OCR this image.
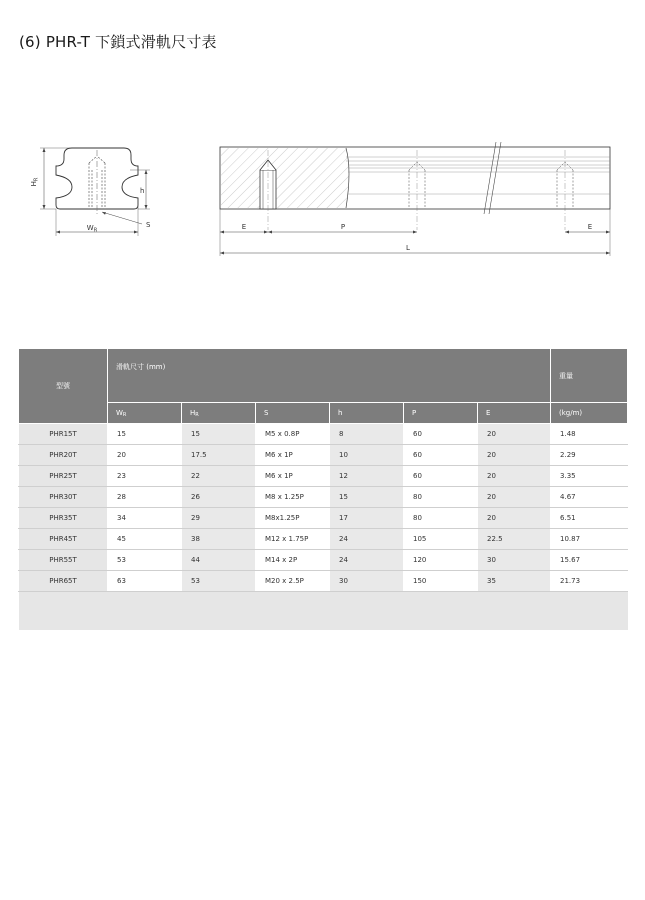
(6) PHR-T 下鎖式滑軌尺寸表
$H_R$
h
S
$W_R$	E	P	E
L
型號	滑軌尺寸 (mm)						重量
	$W_R$	$H_R$	S	h	P	E	(kg/m)
PHR15T	15	15	M5 x 0.8P	8	60	20	1.48
PHR20T	20	17.5	M6 x 1P	10	60	20	2.29
PHR25T	23	22	M6 x 1P	12	60	20	3.35
PHR30T	28	26	M8 x 1.25P	15	80	20	4.67
PHR35T	34	29	M8x1.25P	17	80	20	6.51
PHR45T	45	38	M12 x 1.75P	24	105	22.5	10.87
PHR55T	53	44	M14 x 2P	24	120	30	15.67
PHR65T	63	53	M20 x 2.5P	30	150	35	21.73
